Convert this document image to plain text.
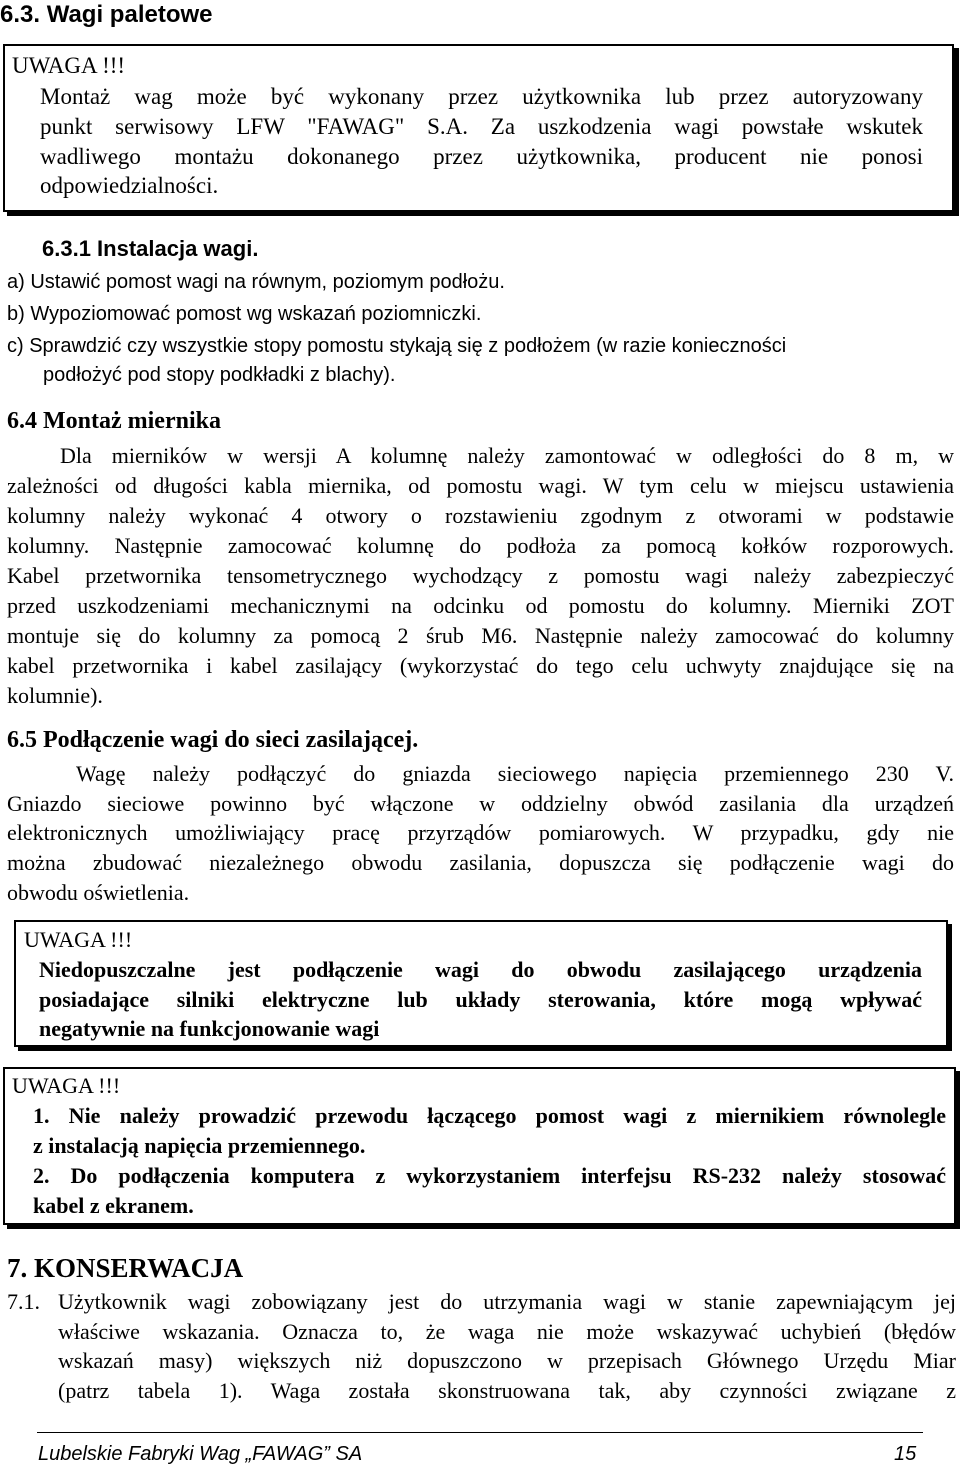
6.3. Wagi paletowe
UWAGA !!!
Montaż wag może być wykonany przez użytkownika lub przez autoryzowany
punkt serwisowy LFW "FAWAG" S.A. Za uszkodzenia wagi powstałe wskutek
wadliwego montażu dokonanego przez użytkownika, producent nie ponosi
odpowiedzialności.
6.3.1 Instalacja wagi.
a) Ustawić pomost wagi na równym, poziomym podłożu.
b) Wypoziomować pomost wg wskazań poziomniczki.
c) Sprawdzić czy wszystkie stopy pomostu stykają się z podłożem (w razie konieczności
podłożyć pod stopy podkładki z blachy).
6.4 Montaż miernika
Dla mierników w wersji A kolumnę należy zamontować w odległości do 8 m, w
zależności od długości kabla miernika, od pomostu wagi. W tym celu w miejscu ustawienia
kolumny należy wykonać 4 otwory o rozstawieniu zgodnym z otworami w podstawie
kolumny. Następnie zamocować kolumnę do podłoża za pomocą kołków rozporowych.
Kabel przetwornika tensometrycznego wychodzący z pomostu wagi należy zabezpieczyć
przed uszkodzeniami mechanicznymi na odcinku od pomostu do kolumny. Mierniki ZOT
montuje się do kolumny za pomocą 2 śrub M6. Następnie należy zamocować do kolumny
kabel przetwornika i kabel zasilający (wykorzystać do tego celu uchwyty znajdujące się na
kolumnie).
6.5 Podłączenie wagi do sieci zasilającej.
Wagę należy podłączyć do gniazda sieciowego napięcia przemiennego 230 V.
Gniazdo sieciowe powinno być włączone w oddzielny obwód zasilania dla urządzeń
elektronicznych umożliwiający pracę przyrządów pomiarowych. W przypadku, gdy nie
można zbudować niezależnego obwodu zasilania, dopuszcza się podłączenie wagi do
obwodu oświetlenia.
UWAGA !!!
Niedopuszczalne jest podłączenie wagi do obwodu zasilającego urządzenia
posiadające silniki elektryczne lub układy sterowania, które mogą wpływać
negatywnie na funkcjonowanie wagi
UWAGA !!!
1. Nie należy prowadzić przewodu łączącego pomost wagi z miernikiem równolegle
z instalacją napięcia przemiennego.
2. Do podłączenia komputera z wykorzystaniem interfejsu RS-232 należy stosować
kabel z ekranem.
7. KONSERWACJA
7.1. Użytkownik wagi zobowiązany jest do utrzymania wagi w stanie zapewniającym jej
właściwe wskazania. Oznacza to, że waga nie może wskazywać uchybień (błędów
wskazań masy) większych niż dopuszczono w przepisach Głównego Urzędu Miar
(patrz tabela 1). Waga została skonstruowana tak, aby czynności związane z
Lubelskie Fabryki Wag „FAWAG” SA	15
